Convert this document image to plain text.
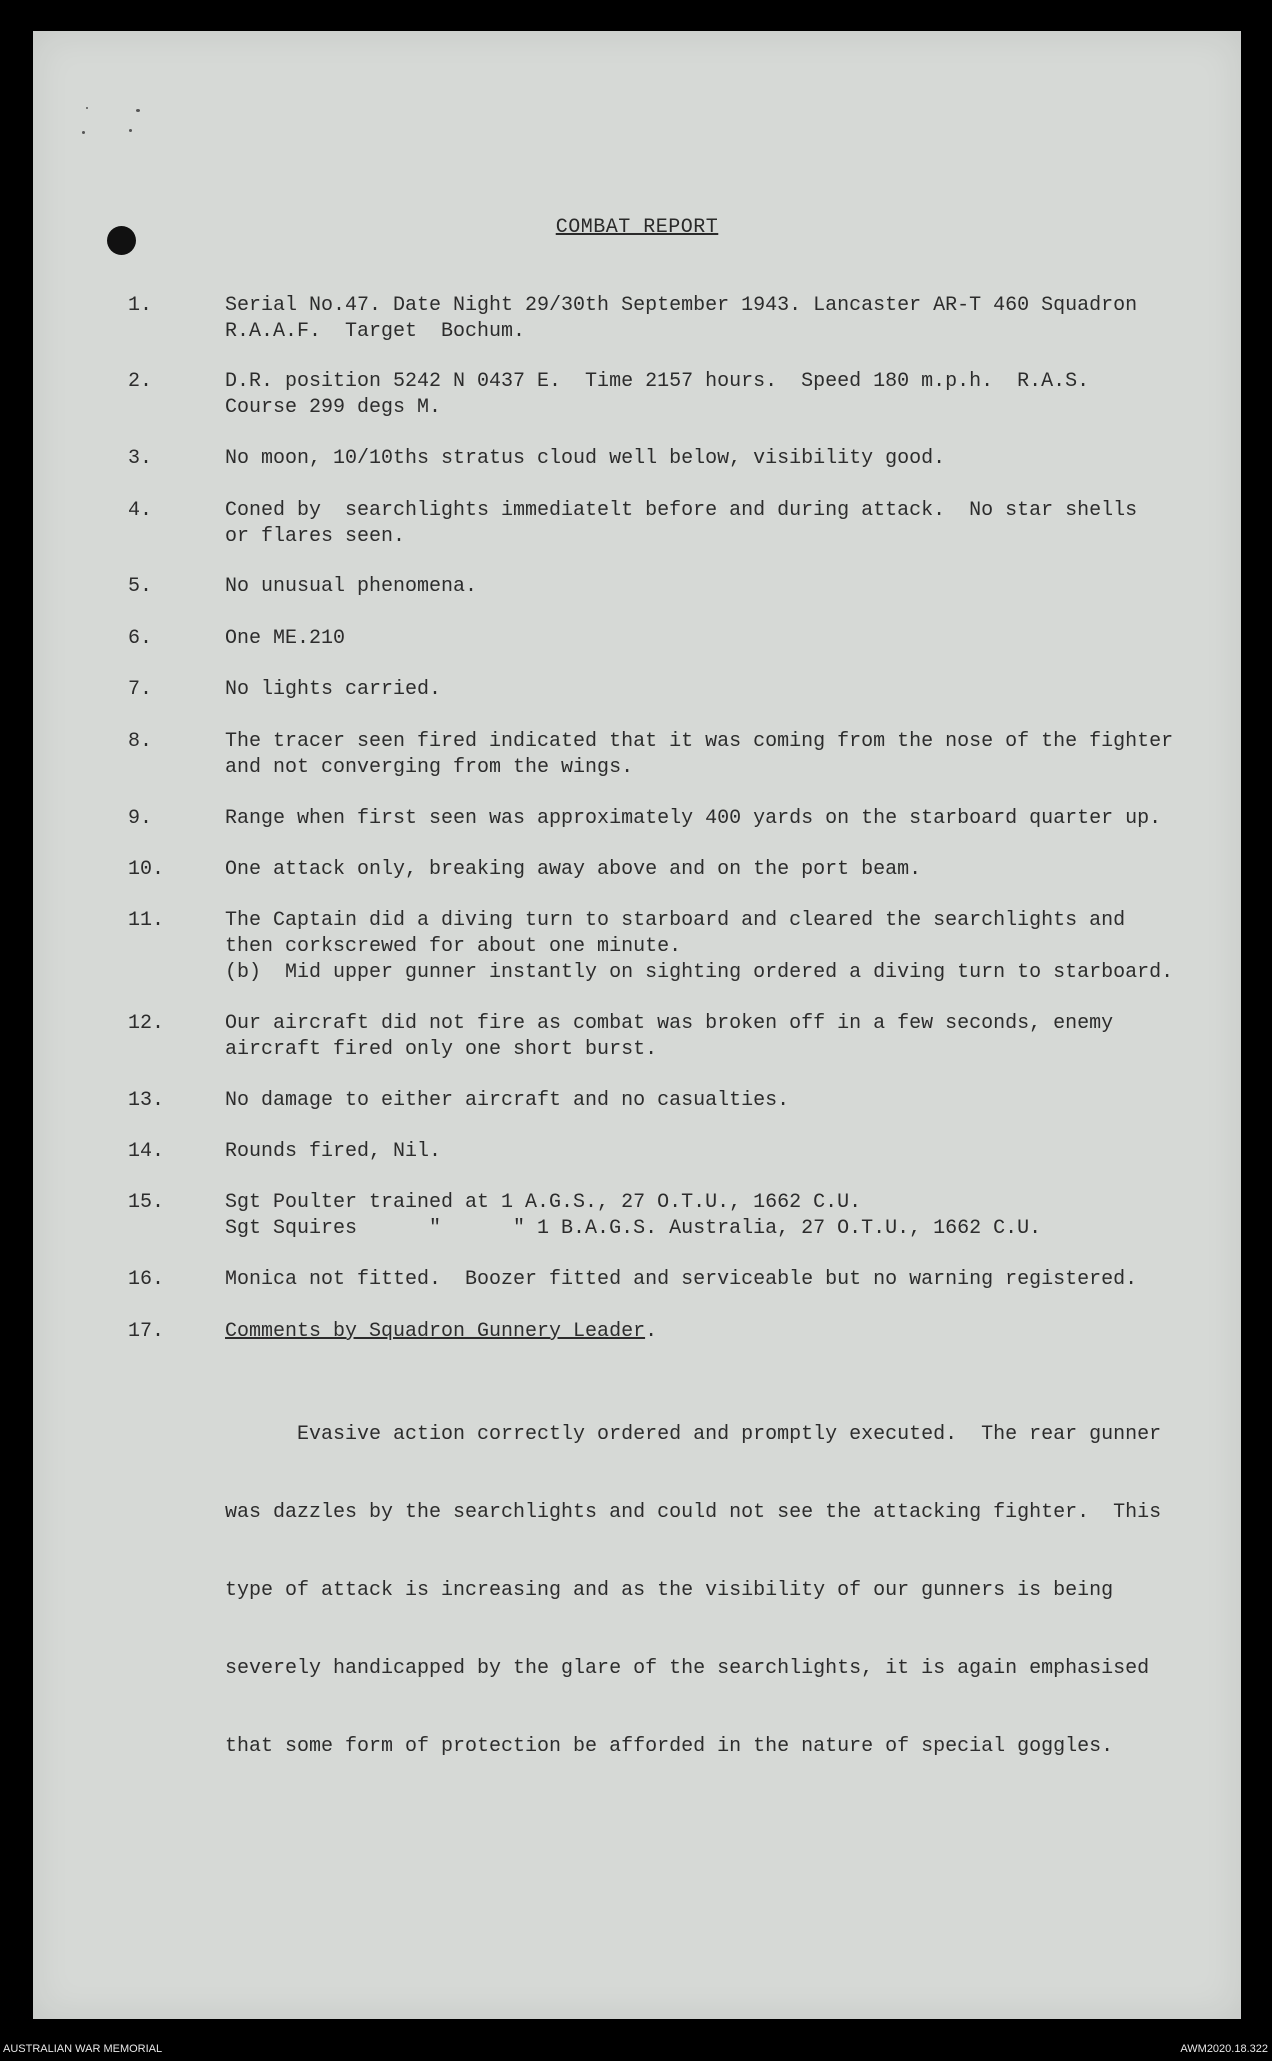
COMBAT REPORT
1.	Serial No.47. Date Night 29/30th September 1943. Lancaster AR-T 460 Squadron
R.A.A.F.  Target  Bochum.
2.	D.R. position 5242 N 0437 E.  Time 2157 hours.  Speed 180 m.p.h.  R.A.S.
Course 299 degs M.
3.	No moon, 10/10ths stratus cloud well below, visibility good.
4.	Coned by  searchlights immediatelt before and during attack.  No star shells
or flares seen.
5.	No unusual phenomena.
6.	One ME.210
7.	No lights carried.
8.	The tracer seen fired indicated that it was coming from the nose of the fighter
and not converging from the wings.
9.	Range when first seen was approximately 400 yards on the starboard quarter up.
10.	One attack only, breaking away above and on the port beam.
11.	The Captain did a diving turn to starboard and cleared the searchlights and
then corkscrewed for about one minute.
(b)  Mid upper gunner instantly on sighting ordered a diving turn to starboard.
12.	Our aircraft did not fire as combat was broken off in a few seconds, enemy
aircraft fired only one short burst.
13.	No damage to either aircraft and no casualties.
14.	Rounds fired, Nil.
15.	Sgt Poulter trained at 1 A.G.S., 27 O.T.U., 1662 C.U.
Sgt Squires      "      " 1 B.A.G.S. Australia, 27 O.T.U., 1662 C.U.
16.	Monica not fitted.  Boozer fitted and serviceable but no warning registered.
17.	Comments by Squadron Gunnery Leader.

Evasive action correctly ordered and promptly executed.  The rear gunner

was dazzles by the searchlights and could not see the attacking fighter.  This

type of attack is increasing and as the visibility of our gunners is being

severely handicapped by the glare of the searchlights, it is again emphasised

that some form of protection be afforded in the nature of special goggles.

AUSTRALIAN WAR MEMORIAL	AWM2020.18.322
